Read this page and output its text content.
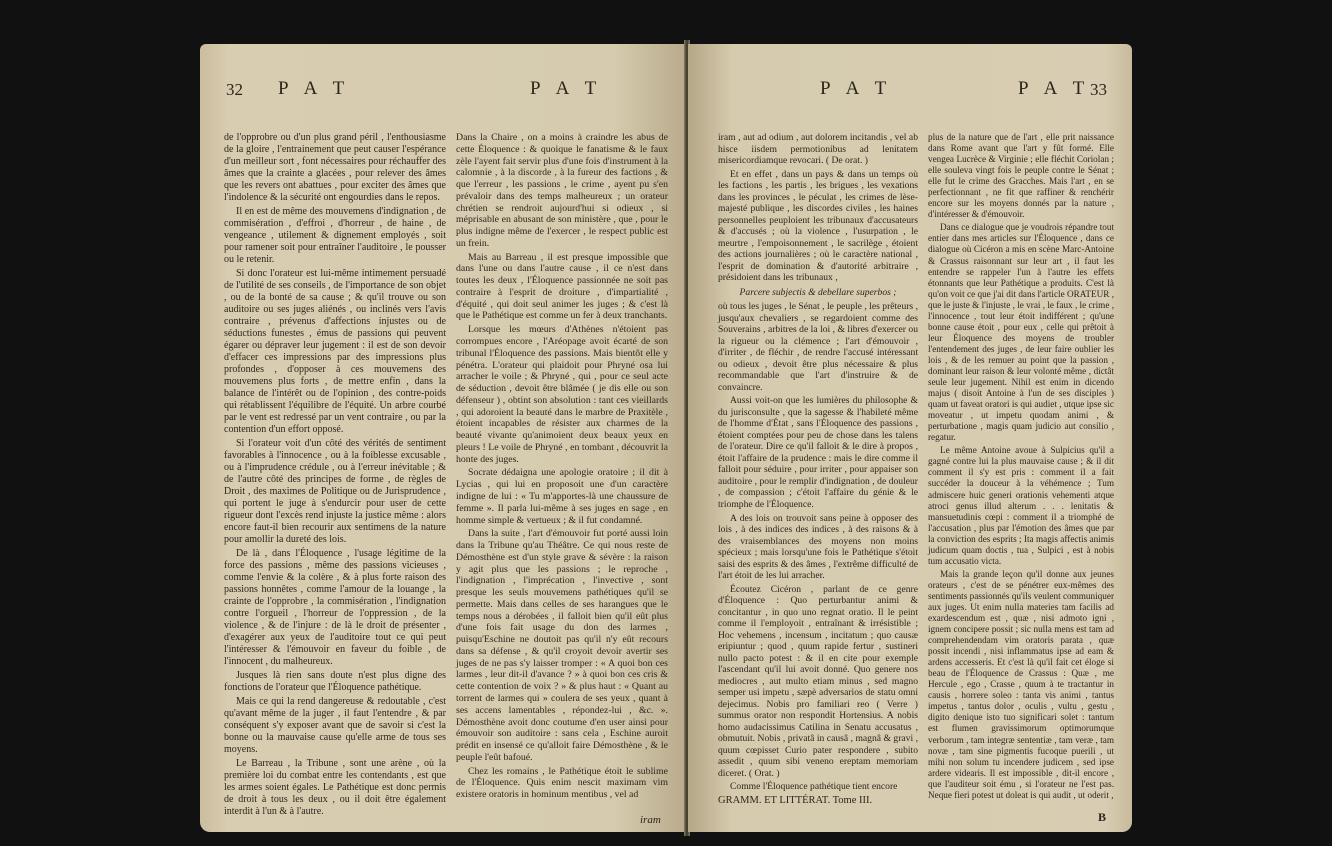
32 P A T	P A T

de l'opprobre ou d'un plus grand péril , l'enthousiasme de la gloire , l'entrainement que peut causer l'espérance d'un meilleur sort , font nécessaires pour réchauffer des âmes que la crainte a glacées , pour relever des âmes que les revers ont abattues , pour exciter des âmes que l'indolence & la sécurité ont engourdies dans le repos.

Il en est de même des mouvemens d'indignation , de commisération , d'effroi , d'horreur , de haine , de vengeance , utilement & dignement employés , soit pour ramener soit pour entraîner l'auditoire , le pousser ou le retenir.

Si donc l'orateur est lui-même intimement persuadé de l'utilité de ses conseils , de l'importance de son objet , ou de la bonté de sa cause ; & qu'il trouve ou son auditoire ou ses juges aliénés , ou inclinés vers l'avis contraire , prévenus d'affections injustes ou de séductions funestes , émus de passions qui peuvent égarer ou dépraver leur jugement : il est de son devoir d'effacer ces impressions par des impressions plus profondes , d'opposer à ces mouvemens des mouvemens plus forts , de mettre enfin , dans la balance de l'intérêt ou de l'opinion , des contre-poids qui rétablissent l'équilibre de l'équité. Un arbre courbé par le vent est redressé par un vent contraire , ou par la contention d'un effort opposé.

Si l'orateur voit d'un côté des vérités de sentiment favorables à l'innocence , ou à la foiblesse excusable , ou à l'imprudence crédule , ou à l'erreur inévitable ; & de l'autre côté des principes de forme , de règles de Droit , des maximes de Politique ou de Jurisprudence , qui portent le juge à s'endurcir pour user de cette rigueur dont l'excès rend injuste la justice même : alors encore faut-il bien recourir aux sentimens de la nature pour amollir la dureté des lois.

De là , dans l'Éloquence , l'usage légitime de la force des passions , même des passions vicieuses , comme l'envie & la colère , & à plus forte raison des passions honnêtes , comme l'amour de la louange , la crainte de l'opprobre , la commisération , l'indignation contre l'orgueil , l'horreur de l'oppression , de la violence , & de l'injure : de là le droit de présenter , d'exagérer aux yeux de l'auditoire tout ce qui peut l'intéresser & l'émouvoir en faveur du foible , de l'innocent , du malheureux.

Jusques là rien sans doute n'est plus digne des fonctions de l'orateur que l'Éloquence pathétique.

Mais ce qui la rend dangereuse & redoutable , c'est qu'avant même de la juger , il faut l'entendre , & par conséquent s'y exposer avant que de savoir si c'est la bonne ou la mauvaise cause qu'elle arme de tous ses moyens.

Le Barreau , la Tribune , sont une arène , où la première loi du combat entre les contendants , est que les armes soient égales. Le Pathétique est donc permis de droit à tous les deux , ou il doit être également interdit à l'un & à l'autre.

Dans la Chaire , on a moins à craindre les abus de cette Éloquence : & quoique le fanatisme & le faux zèle l'ayent fait servir plus d'une fois d'instrument à la calomnie , à la discorde , à la fureur des factions , & que l'erreur , les passions , le crime , ayent pu s'en prévaloir dans des temps malheureux ; un orateur chrétien se rendroit aujourd'hui si odieux , si méprisable en abusant de son ministère , que , pour le plus indigne même de l'exercer , le respect public est un frein.

Mais au Barreau , il est presque impossible que dans l'une ou dans l'autre cause , il ce n'est dans toutes les deux , l'Éloquence passionnée ne soit pas contraire à l'esprit de droiture , d'impartialité , d'équité , qui doit seul animer les juges ; & c'est là que le Pathétique est comme un fer à deux tranchants.

Lorsque les mœurs d'Athènes n'étoient pas corrompues encore , l'Aréopage avoit écarté de son tribunal l'Éloquence des passions. Mais bientôt elle y pénétra. L'orateur qui plaidoit pour Phryné osa lui arracher le voile ; & Phryné , qui , pour ce seul acte de séduction , devoit être blâmée ( je dis elle ou son défenseur ) , obtint son absolution : tant ces vieillards , qui adoroient la beauté dans le marbre de Praxitèle , étoient incapables de résister aux charmes de la beauté vivante qu'animoient deux beaux yeux en pleurs ! Le voile de Phryné , en tombant , découvrit la honte des juges.

Socrate dédaigna une apologie oratoire ; il dit à Lycias , qui lui en proposoit une d'un caractère indigne de lui : « Tu m'apportes-là une chaussure de femme ». Il parla lui-même à ses juges en sage , en homme simple & vertueux ; & il fut condamné.

Dans la suite , l'art d'émouvoir fut porté aussi loin dans la Tribune qu'au Théâtre. Ce qui nous reste de Démosthène est d'un style grave & sévère : la raison y agit plus que les passions ; le reproche , l'indignation , l'imprécation , l'invective , sont presque les seuls mouvemens pathétiques qu'il se permette. Mais dans celles de ses harangues que le temps nous a dérobées , il falloit bien qu'il eût plus d'une fois fait usage du don des larmes , puisqu'Eschine ne doutoit pas qu'il n'y eût recours dans sa défense , & qu'il croyoit devoir avertir ses juges de ne pas s'y laisser tromper : « A quoi bon ces larmes , leur dit-il d'avance ? » à quoi bon ces cris & cette contention de voix ? » & plus haut : « Quant au torrent de larmes qui » coulera de ses yeux , quant à ses accens lamentables , répondez-lui , &c. ». Démosthène avoit donc coutume d'en user ainsi pour émouvoir son auditoire : sans cela , Eschine auroit prédit en insensé ce qu'alloit faire Démosthène , & le peuple l'eût bafoué.

Chez les romains , le Pathétique étoit le sublime de l'Éloquence. Quis enim nescit maximam vim existere oratoris in hominum mentibus , vel ad

iram
P A T	P A T 33

iram , aut ad odium , aut dolorem incitandis , vel ab hisce iisdem permotionibus ad lenitatem misericordiamque revocari. ( De orat. )

Et en effet , dans un pays & dans un temps où les factions , les partis , les brigues , les vexations dans les provinces , le péculat , les crimes de lèse-majesté publique , les discordes civiles , les haines personnelles peuploient les tribunaux d'accusateurs & d'accusés ; où la violence , l'usurpation , le meurtre , l'empoisonnement , le sacrilège , étoient des actions journalières ; où le caractère national , l'esprit de domination & d'autorité arbitraire , présidoient dans les tribunaux ,

Parcere subjectis & debellare superbos ;

où tous les juges , le Sénat , le peuple , les prêteurs , jusqu'aux chevaliers , se regardoient comme des Souverains , arbitres de la loi , & libres d'exercer ou la rigueur ou la clémence ; l'art d'émouvoir , d'irriter , de fléchir , de rendre l'accusé intéressant ou odieux , devoit être plus nécessaire & plus recommandable que l'art d'instruire & de convaincre.

Aussi voit-on que les lumières du philosophe & du jurisconsulte , que la sagesse & l'habileté même de l'homme d'État , sans l'Éloquence des passions , étoient comptées pour peu de chose dans les talens de l'orateur. Dire ce qu'il falloit & le dire à propos , étoit l'affaire de la prudence : mais le dire comme il falloit pour séduire , pour irriter , pour appaiser son auditoire , pour le remplir d'indignation , de douleur , de compassion ; c'étoit l'affaire du génie & le triomphe de l'Éloquence.

A des lois on trouvoit sans peine à opposer des lois , à des indices des indices , à des raisons & à des vraisemblances des moyens non moins spécieux ; mais lorsqu'une fois le Pathétique s'étoit saisi des esprits & des âmes , l'extrême difficulté de l'art étoit de les lui arracher.

Écoutez Cicéron , parlant de ce genre d'Éloquence : Quo perturbantur animi & concitantur , in quo uno regnat oratio. Il le peint comme il l'employoit , entraînant & irrésistible ; Hoc vehemens , incensum , incitatum ; quo causæ eripiuntur ; quod , quum rapide fertur , sustineri nullo pacto potest : & il en cite pour exemple l'ascendant qu'il lui avoit donné. Quo genere nos mediocres , aut multo etiam minus , sed magno semper usi impetu , sæpè adversarios de statu omni dejecimus. Nobis pro familiari reo ( Verre ) summus orator non respondit Hortensius. A nobis homo audacissimus Catilina in Senatu accusatus , obmutuit. Nobis , privatâ in causâ , magnâ & gravi , quum cœpisset Curio pater respondere , subito assedit , quum sibi veneno ereptam memoriam diceret. ( Orat. )

Comme l'Éloquence pathétique tient encore

GRAMM. ET LITTÉRAT. Tome III.

plus de la nature que de l'art , elle prit naissance dans Rome avant que l'art y fût formé. Elle vengea Lucrèce & Virginie ; elle fléchit Coriolan ; elle souleva vingt fois le peuple contre le Sénat ; elle fut le crime des Gracches. Mais l'art , en se perfectionnant , ne fit que raffiner & renchérir encore sur les moyens donnés par la nature , d'intéresser & d'émouvoir.

Dans ce dialogue que je voudrois répandre tout entier dans mes articles sur l'Éloquence , dans ce dialogue où Cicéron a mis en scène Marc-Antoine & Crassus raisonnant sur leur art , il faut les entendre se rappeler l'un à l'autre les effets étonnants que leur Pathétique a produits. C'est là qu'on voit ce que j'ai dit dans l'article ORATEUR , que le juste & l'injuste , le vrai , le faux , le crime , l'innocence , tout leur étoit indifférent ; qu'une bonne cause étoit , pour eux , celle qui prêtoit à leur Éloquence des moyens de troubler l'entendement des juges , de leur faire oublier les lois , & de les remuer au point que la passion , dominant leur raison & leur volonté même , dictât seule leur jugement. Nihil est enim in dicendo majus ( disoit Antoine à l'un de ses disciples ) quam ut faveat oratori is qui audiet , utque ipse sic moveatur , ut impetu quodam animi , & perturbatione , magis quam judicio aut consilio , regatur.

Le même Antoine avoue à Sulpicius qu'il a gagné contre lui la plus mauvaise cause ; & il dit comment il s'y est pris : comment il a fait succéder la douceur à la véhémence ; Tum admiscere huic generi orationis vehementi atque atroci genus illud alterum . . . lenitatis & mansuetudinis cœpi : comment il a triomphé de l'accusation , plus par l'émotion des âmes que par la conviction des esprits ; Ita magis affectis animis judicum quam doctis , tua , Sulpici , est à nobis tum accusatio victa.

Mais la grande leçon qu'il donne aux jeunes orateurs , c'est de se pénétrer eux-mêmes des sentiments passionnés qu'ils veulent communiquer aux juges. Ut enim nulla materies tam facilis ad exardescendum est , quæ , nisi admoto igni , ignem concipere possit ; sic nulla mens est tam ad comprehendendam vim oratoris parata , quæ possit incendi , nisi inflammatus ipse ad eam & ardens accesseris. Et c'est là qu'il fait cet éloge si beau de l'Éloquence de Crassus : Quæ , me Hercule , ego , Crasse , quum à te tractantur in causis , horrere soleo : tanta vis animi , tantus impetus , tantus dolor , oculis , vultu , gestu , digito denique isto tuo significari solet : tantum est flumen gravissimorum optimorumque verborum , tam integræ sententiæ , tam veræ , tam novæ , tam sine pigmentis fucoque puerili , ut mihi non solum tu incendere judicem , sed ipse ardere videaris. Il est impossible , dit-il encore , que l'auditeur soit ému , si l'orateur ne l'est pas. Neque fieri potest ut doleat is qui audit , ut oderit ,

B
